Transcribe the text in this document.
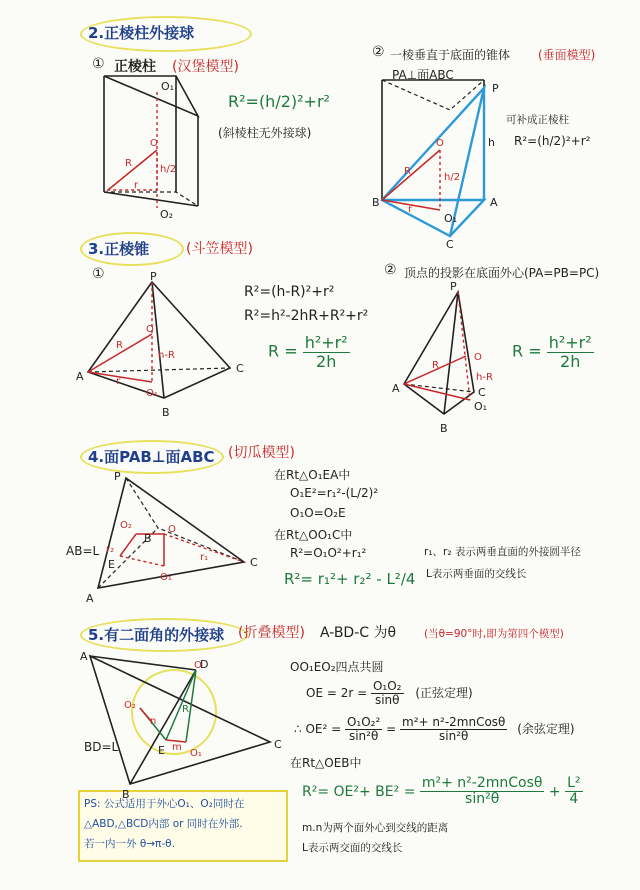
2.正棱柱外接球
① 正棱柱 (汉堡模型)
R²=(h/2)²+r²
(斜棱柱无外接球)
② 一棱垂直于底面的锥体 (垂面模型)
PA⊥面ABC
可补成正棱柱
R²=(h/2)²+r²
3.正棱锥	(斗笠模型)
①
R²=(h-R)²+r²
R²=h²-2hR+R²+r²
$R = \frac{\text{h²+r²}}{2h}$
② 顶点的投影在底面外心(PA=PB=PC)
$R = \frac{\text{h²+r²}}{2h}$
4.面PAB⊥面ABC (切瓜模型)
AB=L
在Rt△O₁EA中
O₁E²=r₁²-(L/2)²
O₁O=O₂E
在Rt△OO₁C中
R²=O₁O²+r₁²
R²= r₁²+ r₂² - L²/4
r₁、r₂ 表示两垂直面的外接圆半径
L表示两垂面的交线长
5.有二面角的外接球 (折叠模型) A-BD-C 为θ	(当θ=90°时,即为第四个模型)
BD=L
OO₁EO₂四点共圆
OE = $2r = \frac{\text{O₁O₂}}{\sin\theta}$ (正弦定理)
∴ $OE^2 = \frac{\text{O₁O₂²}}{\text{sin²θ}}$ =
m²+ n²-2mnCosθ
sin²θ	(余弦定理)
在Rt△OEB中
R²= OE²+ BE² =
m²+ n²-2mnCosθ
sin²θ	+ $\frac{\text{L²}}{4}$
m.n为两个面外心到交线的距离
L表示两交面的交线长
PS: 公式适用于外心O₁、O₂同时在
△ABD,△BCD内部 or 同时在外部.
若一内一外 θ→π-θ.
O₁
O
R
h/2
r
O₂
P
B	A
C
h
O
h/2
R
r
O₁
P
A
B
C
O
R
r
h-R
O₁
P
A
B
C
O
h-R
R
O₁
P
A
B
C
E
O
O₁
O₂
r₂
r₁
A
B
C
D
E
O
O₁
O₂
m
n
R
